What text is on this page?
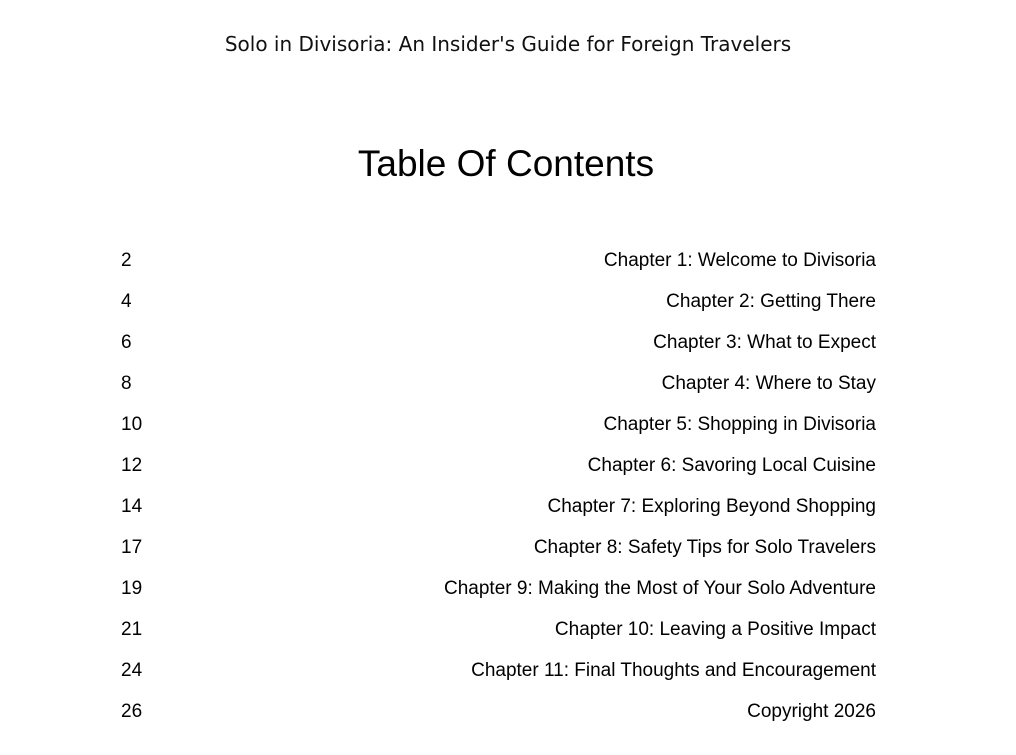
Solo in Divisoria: An Insider's Guide for Foreign Travelers
Table Of Contents
2	Chapter 1: Welcome to Divisoria
4	Chapter 2: Getting There
6	Chapter 3: What to Expect
8	Chapter 4: Where to Stay
10	Chapter 5: Shopping in Divisoria
12	Chapter 6: Savoring Local Cuisine
14	Chapter 7: Exploring Beyond Shopping
17	Chapter 8: Safety Tips for Solo Travelers
19	Chapter 9: Making the Most of Your Solo Adventure
21	Chapter 10: Leaving a Positive Impact
24	Chapter 11: Final Thoughts and Encouragement
26	Copyright 2026
